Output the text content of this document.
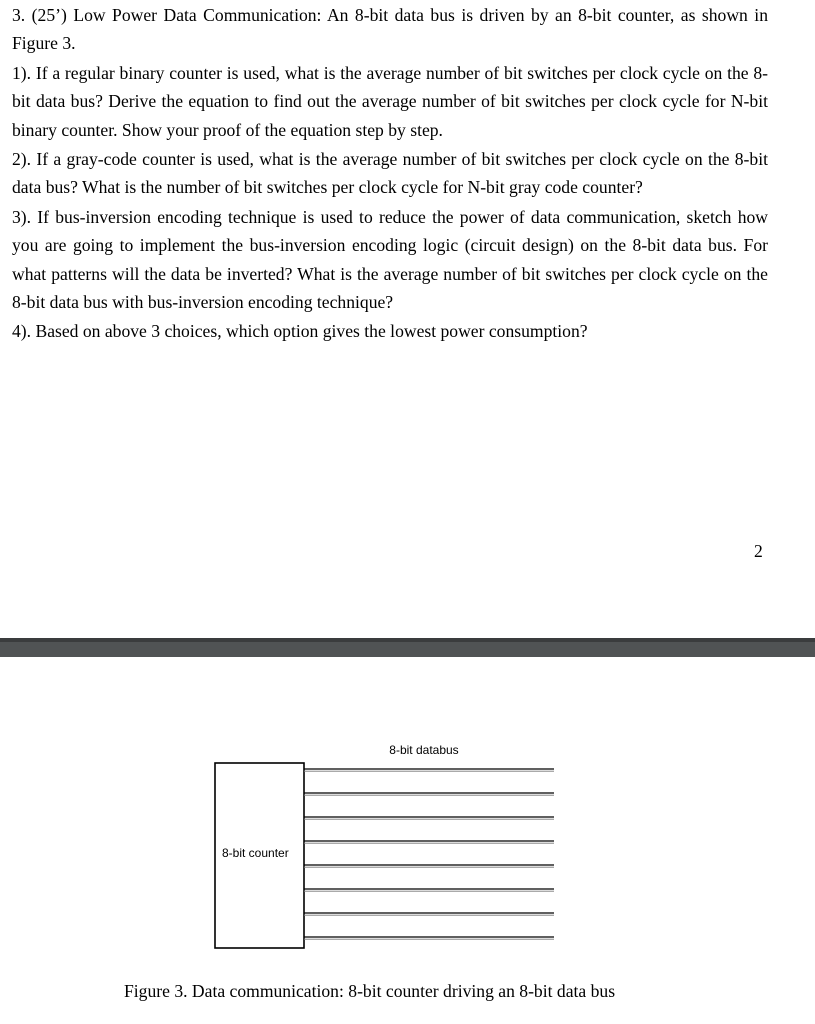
3. (25’) Low Power Data Communication: An 8-bit data bus is driven by an 8-bit counter, as shown in Figure 3.

1). If a regular binary counter is used, what is the average number of bit switches per clock cycle on the 8-bit data bus? Derive the equation to find out the average number of bit switches per clock cycle for N-bit binary counter. Show your proof of the equation step by step.

2). If a gray-code counter is used, what is the average number of bit switches per clock cycle on the 8-bit data bus? What is the number of bit switches per clock cycle for N-bit gray code counter?

3). If bus-inversion encoding technique is used to reduce the power of data communication, sketch how you are going to implement the bus-inversion encoding logic (circuit design) on the 8-bit data bus. For what patterns will the data be inverted? What is the average number of bit switches per clock cycle on the 8-bit data bus with bus-inversion encoding technique?

4). Based on above 3 choices, which option gives the lowest power consumption?

2
8-bit databus
8-bit counter
Figure 3. Data communication: 8-bit counter driving an 8-bit data bus
